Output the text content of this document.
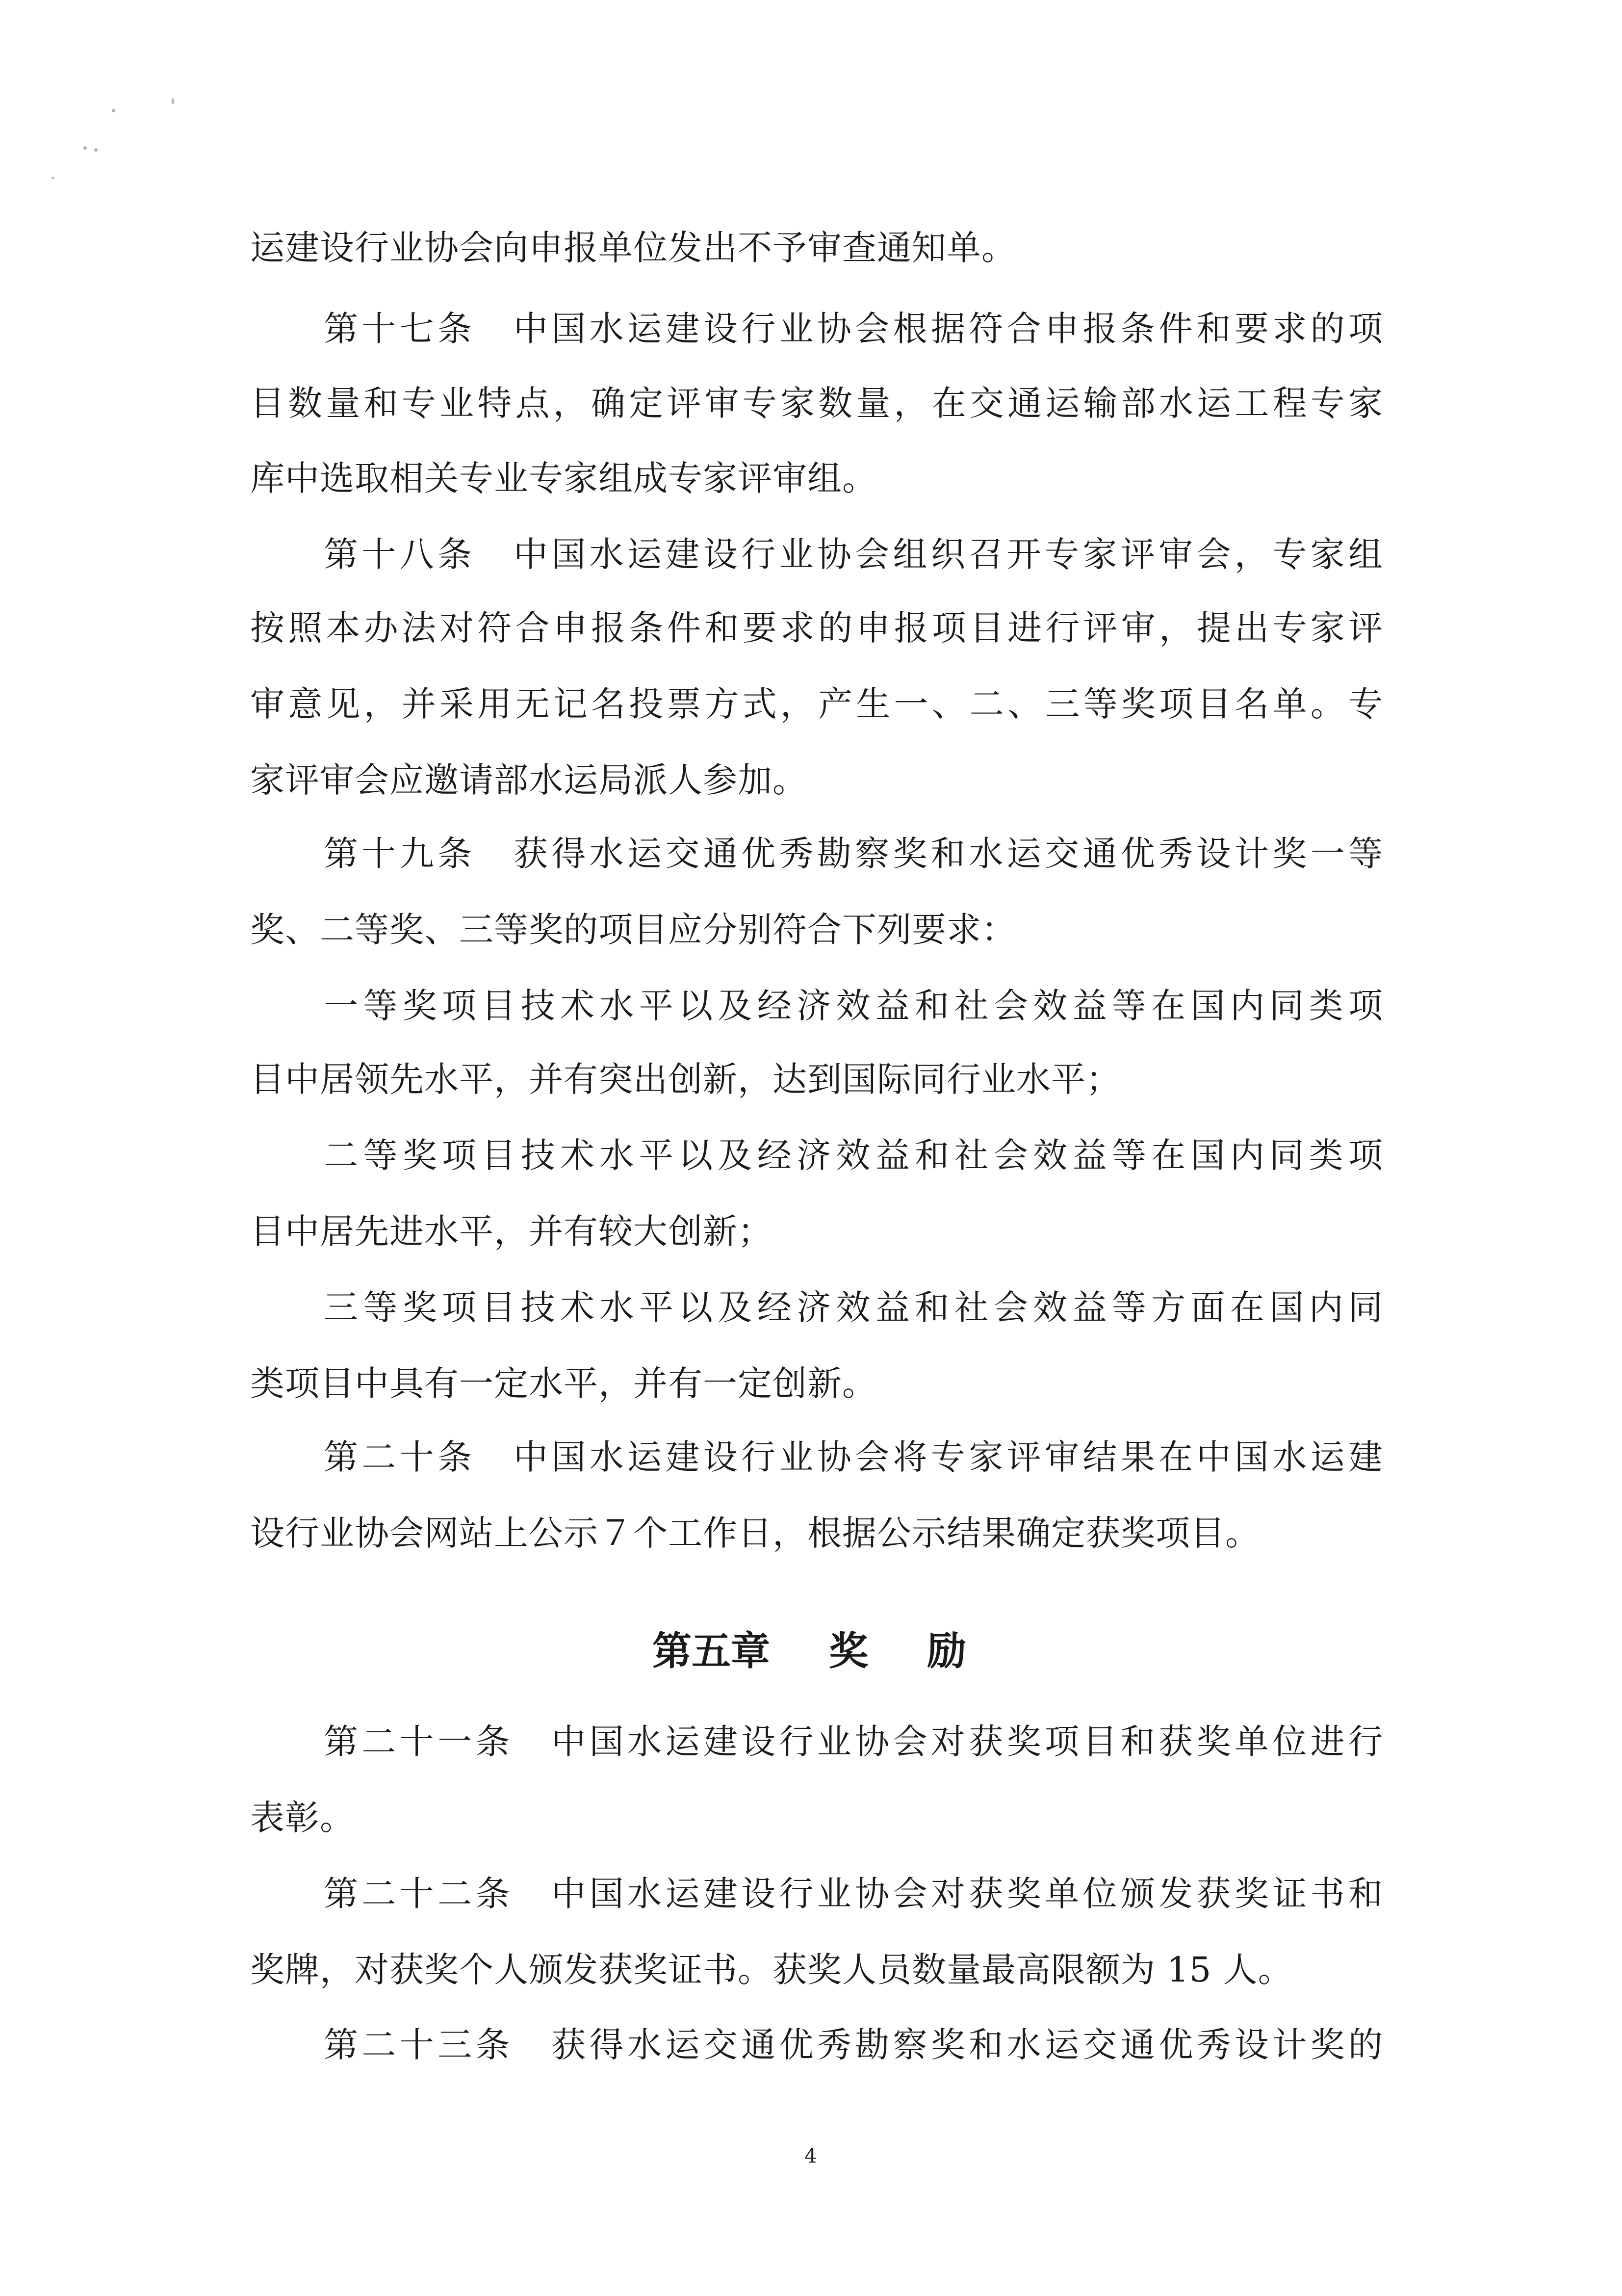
运建设行业协会向申报单位发出不予审查通知单。
第十七条　中国水运建设行业协会根据符合申报条件和要求的项
目数量和专业特点，确定评审专家数量，在交通运输部水运工程专家
库中选取相关专业专家组成专家评审组。
第十八条　中国水运建设行业协会组织召开专家评审会，专家组
按照本办法对符合申报条件和要求的申报项目进行评审，提出专家评
审意见，并采用无记名投票方式，产生一、二、三等奖项目名单。专
家评审会应邀请部水运局派人参加。
第十九条　获得水运交通优秀勘察奖和水运交通优秀设计奖一等
奖、二等奖、三等奖的项目应分别符合下列要求：
一等奖项目技术水平以及经济效益和社会效益等在国内同类项
目中居领先水平，并有突出创新，达到国际同行业水平；
二等奖项目技术水平以及经济效益和社会效益等在国内同类项
目中居先进水平，并有较大创新；
三等奖项目技术水平以及经济效益和社会效益等方面在国内同
类项目中具有一定水平，并有一定创新。
第二十条　中国水运建设行业协会将专家评审结果在中国水运建
设行业协会网站上公示７个工作日，根据公示结果确定获奖项目。
第五章 奖 励
第二十一条　中国水运建设行业协会对获奖项目和获奖单位进行
表彰。
第二十二条　中国水运建设行业协会对获奖单位颁发获奖证书和
奖牌，对获奖个人颁发获奖证书。获奖人员数量最高限额为 15 人。
第二十三条　获得水运交通优秀勘察奖和水运交通优秀设计奖的
4
